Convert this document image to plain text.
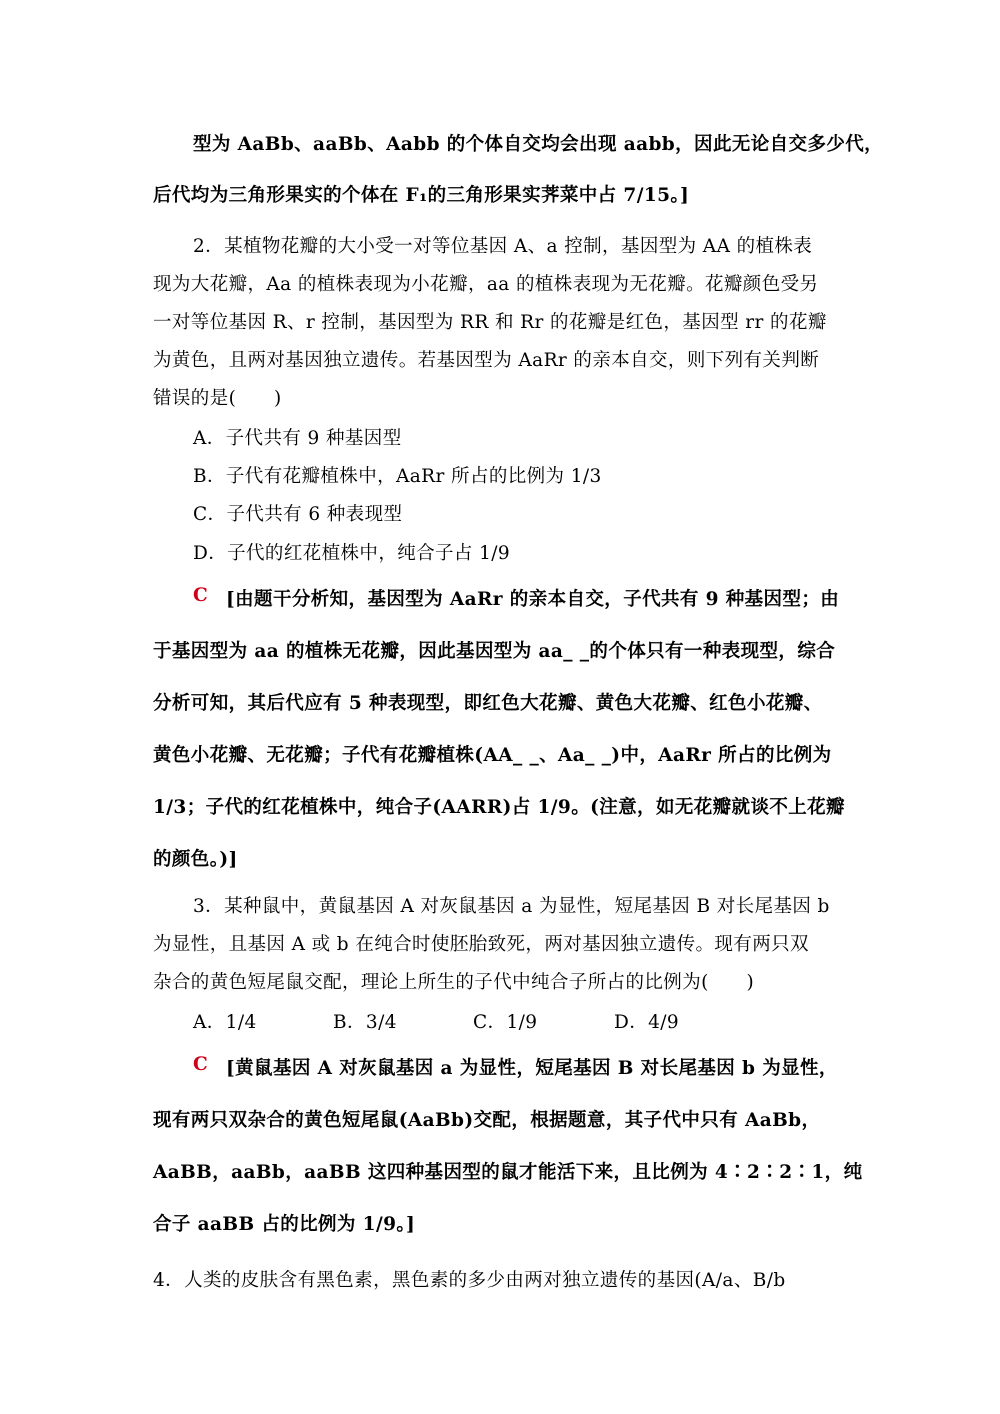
型为 AaBb、aaBb、Aabb 的个体自交均会出现 aabb，因此无论自交多少代，
后代均为三角形果实的个体在 F₁的三角形果实荠菜中占 7/15。]
2．某植物花瓣的大小受一对等位基因 A、a 控制，基因型为 AA 的植株表
现为大花瓣，Aa 的植株表现为小花瓣，aa 的植株表现为无花瓣。花瓣颜色受另
一对等位基因 R、r 控制，基因型为 RR 和 Rr 的花瓣是红色，基因型 rr 的花瓣
为黄色，且两对基因独立遗传。若基因型为 AaRr 的亲本自交，则下列有关判断
错误的是(　　)
A．子代共有 9 种基因型
B．子代有花瓣植株中，AaRr 所占的比例为 1/3
C．子代共有 6 种表现型
D．子代的红花植株中，纯合子占 1/9
C [由题干分析知，基因型为 AaRr 的亲本自交，子代共有 9 种基因型；由
于基因型为 aa 的植株无花瓣，因此基因型为 aa_ _的个体只有一种表现型，综合
分析可知，其后代应有 5 种表现型，即红色大花瓣、黄色大花瓣、红色小花瓣、
黄色小花瓣、无花瓣；子代有花瓣植株(AA_ _、Aa_ _)中，AaRr 所占的比例为
1/3；子代的红花植株中，纯合子(AARR)占 1/9。(注意，如无花瓣就谈不上花瓣
的颜色。)]
3．某种鼠中，黄鼠基因 A 对灰鼠基因 a 为显性，短尾基因 B 对长尾基因 b
为显性，且基因 A 或 b 在纯合时使胚胎致死，两对基因独立遗传。现有两只双
杂合的黄色短尾鼠交配，理论上所生的子代中纯合子所占的比例为(　　)
A．1/4	B．3/4	C．1/9	D．4/9
C [黄鼠基因 A 对灰鼠基因 a 为显性，短尾基因 B 对长尾基因 b 为显性，
现有两只双杂合的黄色短尾鼠(AaBb)交配，根据题意，其子代中只有 AaBb，
AaBB，aaBb，aaBB 这四种基因型的鼠才能活下来，且比例为 4∶2∶2∶1，纯
合子 aaBB 占的比例为 1/9。]
4．人类的皮肤含有黑色素，黑色素的多少由两对独立遗传的基因(A/a、B/b
